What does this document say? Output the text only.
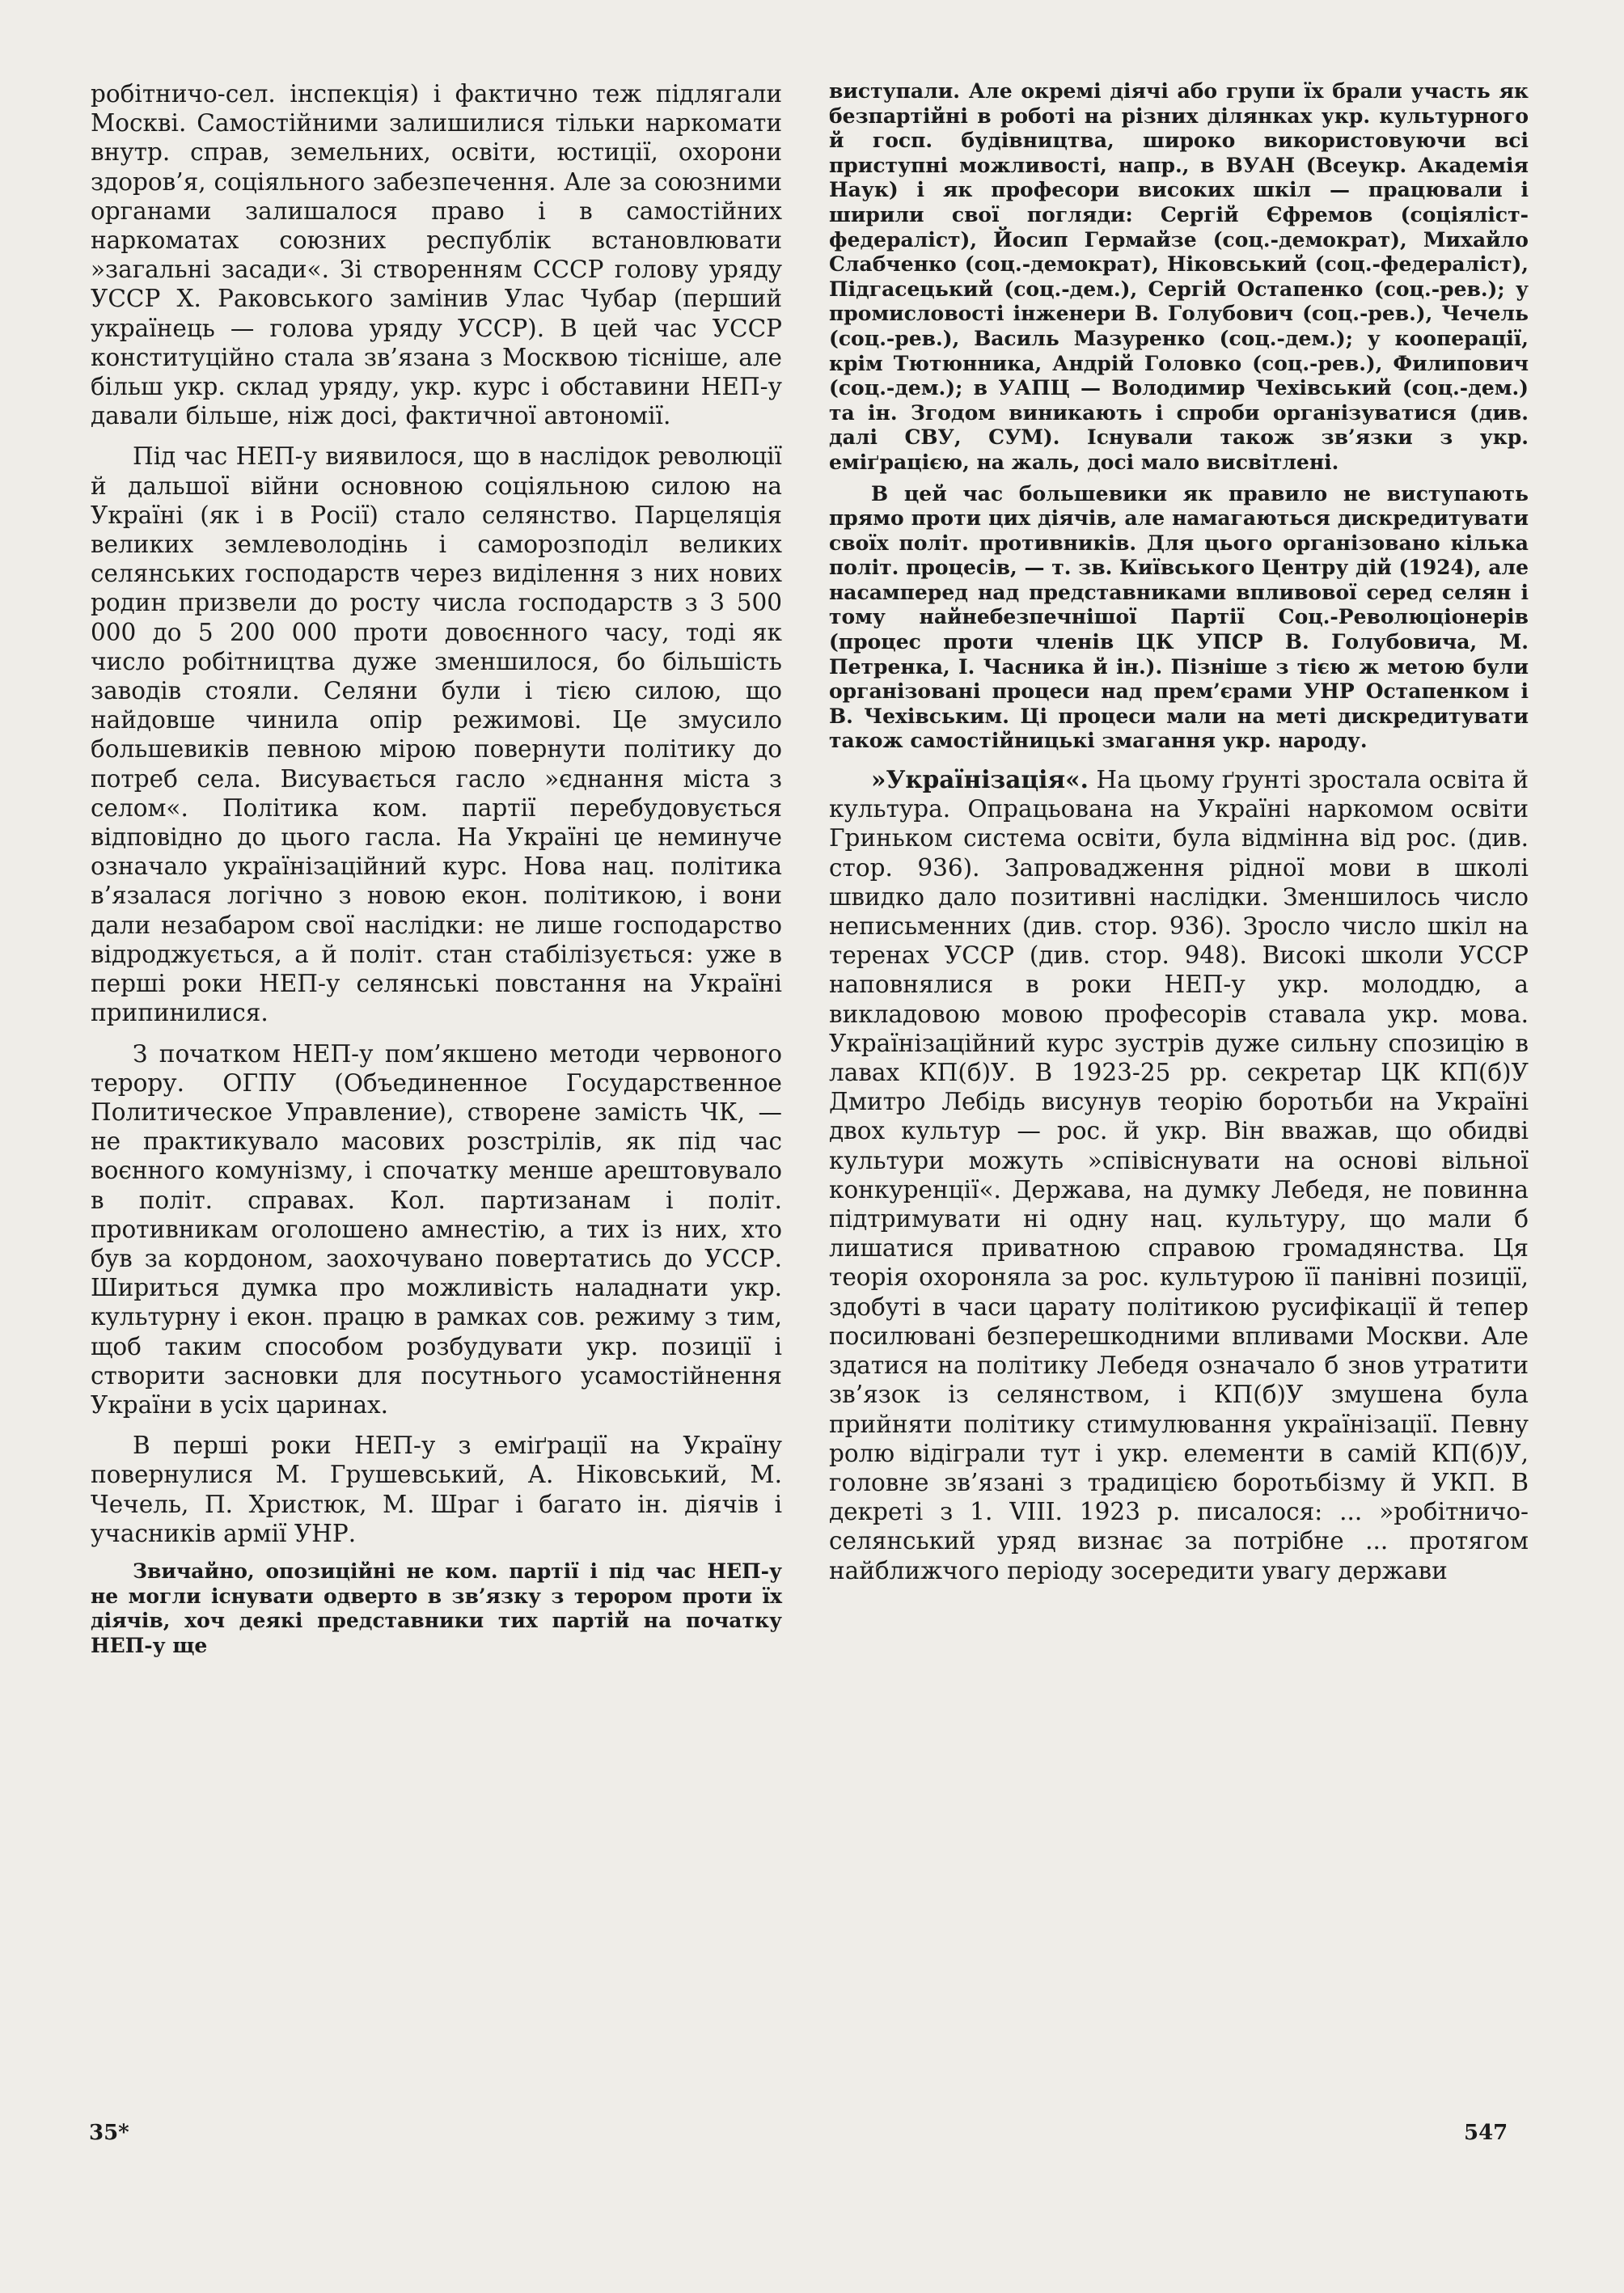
робітничо-сел. інспекція) і фактично теж підлягали Москві. Самостійними залишилися тільки наркомати внутр. справ, земельних, освіти, юстиції, охорони здоров’я, соціяльного забезпечення. Але за союзними органами залишалося право і в самостійних наркоматах союзних республік встановлювати »загальні засади«. Зі створенням СССР голову уряду УССР Х. Раковського замінив Улас Чубар (перший українець — голова уряду УССР). В цей час УССР конституційно стала зв’язана з Москвою тісніше, але більш укр. склад уряду, укр. курс і обставини НЕП-у давали більше, ніж досі, фактичної автономії.

Під час НЕП-у виявилося, що в наслідок революції й дальшої війни основною соціяльною силою на Україні (як і в Росії) стало селянство. Парцеляція великих землеволодінь і саморозподіл великих селянських господарств через виділення з них нових родин призвели до росту числа господарств з 3 500 000 до 5 200 000 проти довоєнного часу, тоді як число робітництва дуже зменшилося, бо більшість заводів стояли. Селяни були і тією силою, що найдовше чинила опір режимові. Це змусило большевиків певною мірою повернути політику до потреб села. Висувається гасло »єднання міста з селом«. Політика ком. партії перебудовується відповідно до цього гасла. На Україні це неминуче означало українізаційний курс. Нова нац. політика в’язалася логічно з новою екон. політикою, і вони дали незабаром свої наслідки: не лише господарство відроджується, а й політ. стан стабілізується: уже в перші роки НЕП-у селянські повстання на Україні припинилися.

З початком НЕП-у пом’якшено методи червоного терору. ОГПУ (Объединенное Государственное Политическое Управление), створене замість ЧК, — не практикувало масових розстрілів, як під час воєнного комунізму, і спочатку менше арештовувало в політ. справах. Кол. партизанам і політ. противникам оголошено амнестію, а тих із них, хто був за кордоном, заохочувано повертатись до УССР. Шириться думка про можливість наладнати укр. культурну і екон. працю в рамках сов. режиму з тим, щоб таким способом розбудувати укр. позиції і створити засновки для посутнього усамостійнення України в усіх царинах.

В перші роки НЕП-у з еміґрації на Україну повернулися М. Грушевський, А. Ніковський, М. Чечель, П. Христюк, М. Шраг і багато ін. діячів і учасників армії УНР.

Звичайно, опозиційні не ком. партії і під час НЕП-у не могли існувати одверто в зв’язку з терором проти їх діячів, хоч деякі представники тих партій на початку НЕП-у ще

виступали. Але окремі діячі або групи їх брали участь як безпартійні в роботі на різних ділянках укр. культурного й госп. будівництва, широко використовуючи всі приступні можливості, напр., в ВУАН (Всеукр. Академія Наук) і як професори високих шкіл — працювали і ширили свої погляди: Сергій Єфремов (соціяліст-федераліст), Йосип Гермайзе (соц.-демократ), Михайло Слабченко (соц.-демократ), Ніковський (соц.-федераліст), Підгасецький (соц.-дем.), Сергій Остапенко (соц.-рев.); у промисловості інженери В. Голубович (соц.-рев.), Чечель (соц.-рев.), Василь Мазуренко (соц.-дем.); у кооперації, крім Тютюнника, Андрій Головко (соц.-рев.), Филипович (соц.-дем.); в УАПЦ — Володимир Чехівський (соц.-дем.) та ін. Згодом виникають і спроби організуватися (див. далі СВУ, СУМ). Існували також зв’язки з укр. еміґрацією, на жаль, досі мало висвітлені.

В цей час большевики як правило не виступають прямо проти цих діячів, але намагаються дискредитувати своїх політ. противників. Для цього організовано кілька політ. процесів, — т. зв. Київського Центру дій (1924), але насамперед над представниками впливової серед селян і тому найнебезпечнішої Партії Соц.-Революціонерів (процес проти членів ЦК УПСР В. Голубовича, М. Петренка, І. Часника й ін.). Пізніше з тією ж метою були організовані процеси над прем’єрами УНР Остапенком і В. Чехівським. Ці процеси мали на меті дискредитувати також самостійницькі змагання укр. народу.

»Українізація«. На цьому ґрунті зростала освіта й культура. Опрацьована на Україні наркомом освіти Гриньком система освіти, була відмінна від рос. (див. стор. 936). Запровадження рідної мови в школі швидко дало позитивні наслідки. Зменшилось число неписьменних (див. стор. 936). Зросло число шкіл на теренах УССР (див. стор. 948). Високі школи УССР наповнялися в роки НЕП-у укр. молоддю, а викладовою мовою професорів ставала укр. мова. Українізаційний курс зустрів дуже сильну спозицію в лавах КП(б)У. В 1923-25 рр. секретар ЦК КП(б)У Дмитро Лебідь висунув теорію боротьби на Україні двох культур — рос. й укр. Він вважав, що обидві культури можуть »співіснувати на основі вільної конкуренції«. Держава, на думку Лебедя, не повинна підтримувати ні одну нац. культуру, що мали б лишатися приватною справою громадянства. Ця теорія охороняла за рос. культурою її панівні позиції, здобуті в часи царату політикою русифікації й тепер посилювані безперешкодними впливами Москви. Але здатися на політику Лебедя означало б знов утратити зв’язок із селянством, і КП(б)У змушена була прийняти політику стимулювання українізації. Певну ролю відіграли тут і укр. елементи в самій КП(б)У, головне зв’язані з традицією боротьбізму й УКП. В декреті з 1. VIII. 1923 р. писалося: ... »робітничо-селянський уряд визнає за потрібне ... протягом найближчого періоду зосередити увагу держави

35*	547
